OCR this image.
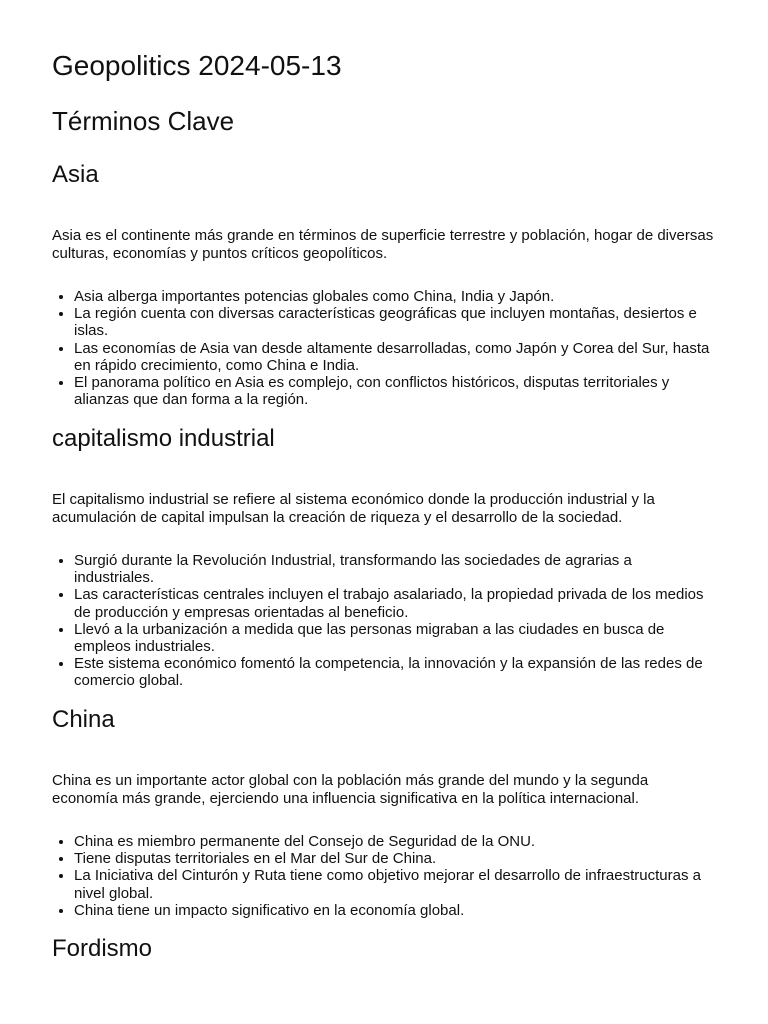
Geopolitics 2024-05-13
Términos Clave
Asia

Asia es el continente más grande en términos de superficie terrestre y población, hogar de diversas culturas, economías y puntos críticos geopolíticos.

• Asia alberga importantes potencias globales como China, India y Japón.
• La región cuenta con diversas características geográficas que incluyen montañas, desiertos e islas.
• Las economías de Asia van desde altamente desarrolladas, como Japón y Corea del Sur, hasta en rápido crecimiento, como China e India.
• El panorama político en Asia es complejo, con conflictos históricos, disputas territoriales y alianzas que dan forma a la región.
capitalismo industrial

El capitalismo industrial se refiere al sistema económico donde la producción industrial y la acumulación de capital impulsan la creación de riqueza y el desarrollo de la sociedad.

• Surgió durante la Revolución Industrial, transformando las sociedades de agrarias a industriales.
• Las características centrales incluyen el trabajo asalariado, la propiedad privada de los medios de producción y empresas orientadas al beneficio.
• Llevó a la urbanización a medida que las personas migraban a las ciudades en busca de empleos industriales.
• Este sistema económico fomentó la competencia, la innovación y la expansión de las redes de comercio global.
China

China es un importante actor global con la población más grande del mundo y la segunda economía más grande, ejerciendo una influencia significativa en la política internacional.

• China es miembro permanente del Consejo de Seguridad de la ONU.
• Tiene disputas territoriales en el Mar del Sur de China.
• La Iniciativa del Cinturón y Ruta tiene como objetivo mejorar el desarrollo de infraestructuras a nivel global.
• China tiene un impacto significativo en la economía global.
Fordismo
